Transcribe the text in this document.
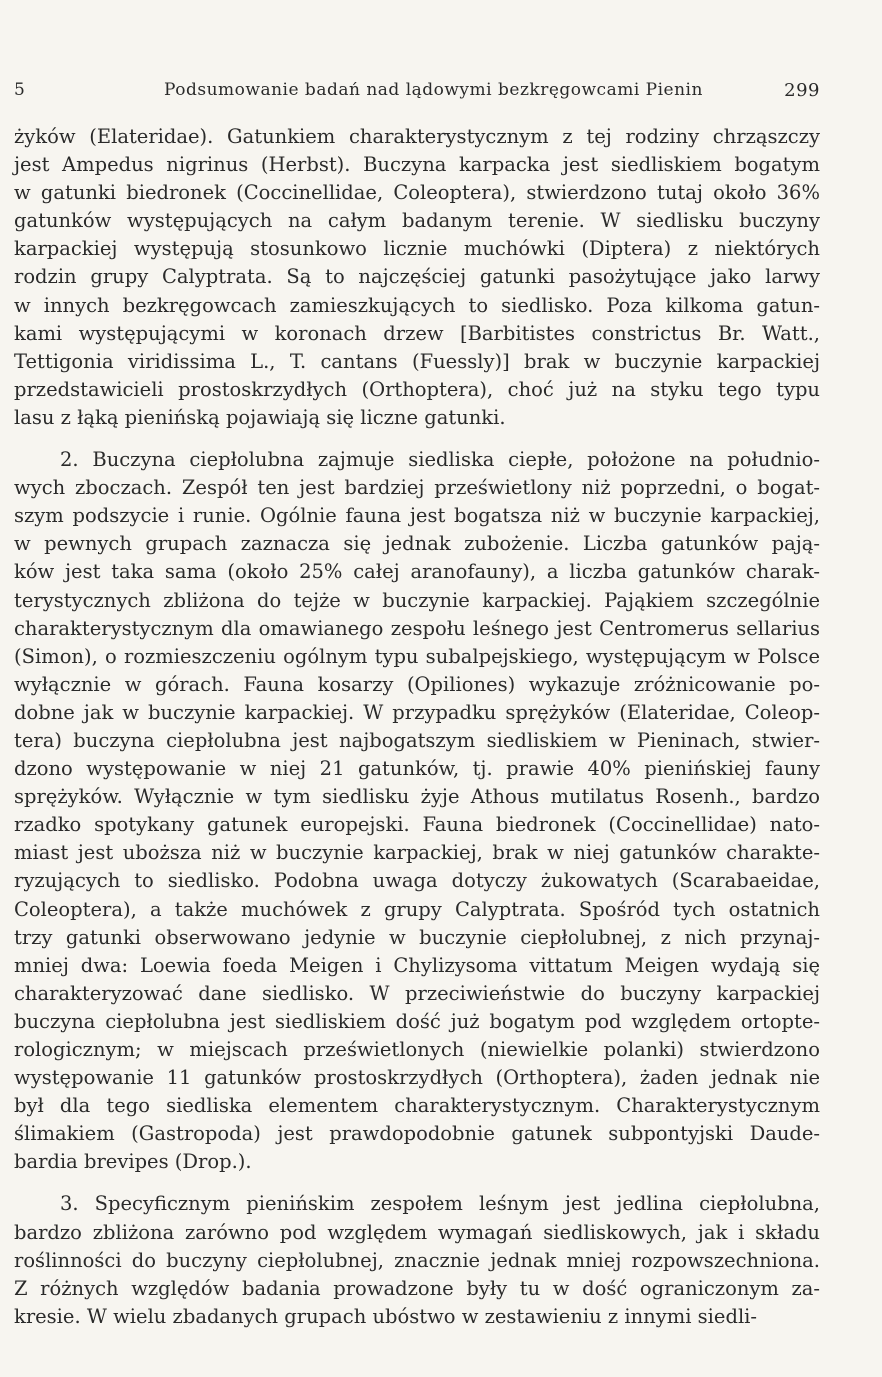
5	Podsumowanie badań nad lądowymi bezkręgowcami Pienin	299
żyków (Elateridae). Gatunkiem charakterystycznym z tej rodziny chrząszczy
jest Ampedus nigrinus (Herbst). Buczyna karpacka jest siedliskiem bogatym
w gatunki biedronek (Coccinellidae, Coleoptera), stwierdzono tutaj około 36%
gatunków występujących na całym badanym terenie. W siedlisku buczyny
karpackiej występują stosunkowo licznie muchówki (Diptera) z niektórych
rodzin grupy Calyptrata. Są to najczęściej gatunki pasożytujące jako larwy
w innych bezkręgowcach zamieszkujących to siedlisko. Poza kilkoma gatun-
kami występującymi w koronach drzew [Barbitistes constrictus Br. Watt.,
Tettigonia viridissima L., T. cantans (Fuessly)] brak w buczynie karpackiej
przedstawicieli prostoskrzydłych (Orthoptera), choć już na styku tego typu
lasu z łąką pienińską pojawiają się liczne gatunki.
2. Buczyna ciepłolubna zajmuje siedliska ciepłe, położone na południo-
wych zboczach. Zespół ten jest bardziej prześwietlony niż poprzedni, o bogat-
szym podszycie i runie. Ogólnie fauna jest bogatsza niż w buczynie karpackiej,
w pewnych grupach zaznacza się jednak zubożenie. Liczba gatunków pają-
ków jest taka sama (około 25% całej aranofauny), a liczba gatunków charak-
terystycznych zbliżona do tejże w buczynie karpackiej. Pająkiem szczególnie
charakterystycznym dla omawianego zespołu leśnego jest Centromerus sellarius
(Simon), o rozmieszczeniu ogólnym typu subalpejskiego, występującym w Polsce
wyłącznie w górach. Fauna kosarzy (Opiliones) wykazuje zróżnicowanie po-
dobne jak w buczynie karpackiej. W przypadku sprężyków (Elateridae, Coleop-
tera) buczyna ciepłolubna jest najbogatszym siedliskiem w Pieninach, stwier-
dzono występowanie w niej 21 gatunków, tj. prawie 40% pienińskiej fauny
sprężyków. Wyłącznie w tym siedlisku żyje Athous mutilatus Rosenh., bardzo
rzadko spotykany gatunek europejski. Fauna biedronek (Coccinellidae) nato-
miast jest uboższa niż w buczynie karpackiej, brak w niej gatunków charakte-
ryzujących to siedlisko. Podobna uwaga dotyczy żukowatych (Scarabaeidae,
Coleoptera), a także muchówek z grupy Calyptrata. Spośród tych ostatnich
trzy gatunki obserwowano jedynie w buczynie ciepłolubnej, z nich przynaj-
mniej dwa: Loewia foeda Meigen i Chylizysoma vittatum Meigen wydają się
charakteryzować dane siedlisko. W przeciwieństwie do buczyny karpackiej
buczyna ciepłolubna jest siedliskiem dość już bogatym pod względem ortopte-
rologicznym; w miejscach prześwietlonych (niewielkie polanki) stwierdzono
występowanie 11 gatunków prostoskrzydłych (Orthoptera), żaden jednak nie
był dla tego siedliska elementem charakterystycznym. Charakterystycznym
ślimakiem (Gastropoda) jest prawdopodobnie gatunek subpontyjski Daude-
bardia brevipes (Drop.).
3. Specyficznym pienińskim zespołem leśnym jest jedlina ciepłolubna,
bardzo zbliżona zarówno pod względem wymagań siedliskowych, jak i składu
roślinności do buczyny ciepłolubnej, znacznie jednak mniej rozpowszechniona.
Z różnych względów badania prowadzone były tu w dość ograniczonym za-
kresie. W wielu zbadanych grupach ubóstwo w zestawieniu z innymi siedli-
